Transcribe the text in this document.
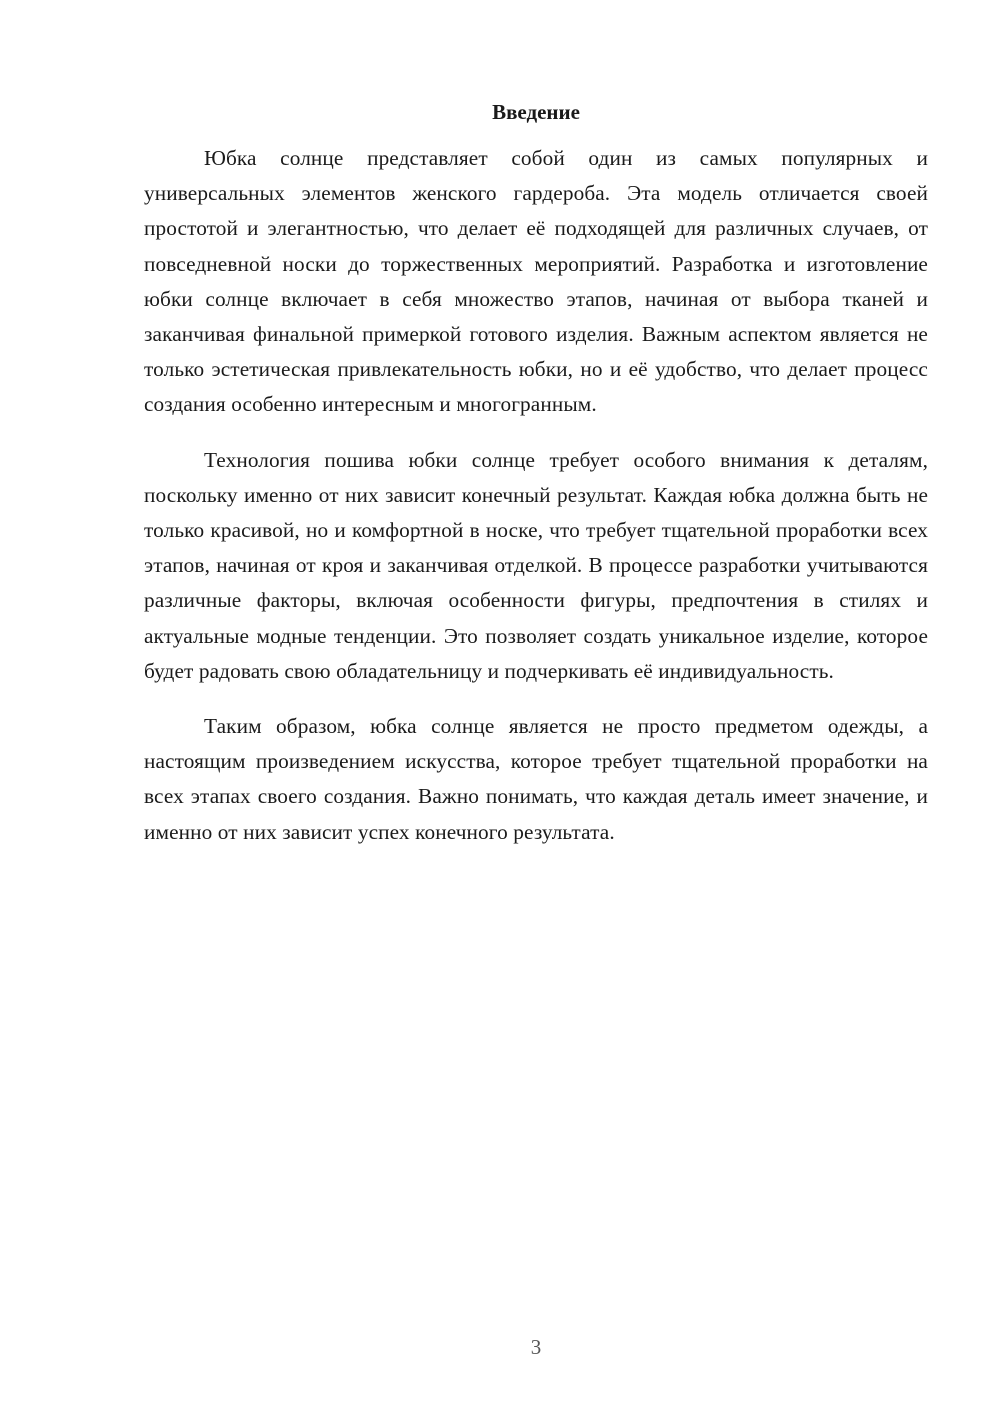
Введение

Юбка солнце представляет собой один из самых популярных и универсальных элементов женского гардероба. Эта модель отличается своей простотой и элегантностью, что делает её подходящей для различных случаев, от повседневной носки до торжественных мероприятий. Разработка и изготовление юбки солнце включает в себя множество этапов, начиная от выбора тканей и заканчивая финальной примеркой готового изделия. Важным аспектом является не только эстетическая привлекательность юбки, но и её удобство, что делает процесс создания особенно интересным и многогранным.

Технология пошива юбки солнце требует особого внимания к деталям, поскольку именно от них зависит конечный результат. Каждая юбка должна быть не только красивой, но и комфортной в носке, что требует тщательной проработки всех этапов, начиная от кроя и заканчивая отделкой. В процессе разработки учитываются различные факторы, включая особенности фигуры, предпочтения в стилях и актуальные модные тенденции. Это позволяет создать уникальное изделие, которое будет радовать свою обладательницу и подчеркивать её индивидуальность.

Таким образом, юбка солнце является не просто предметом одежды, а настоящим произведением искусства, которое требует тщательной проработки на всех этапах своего создания. Важно понимать, что каждая деталь имеет значение, и именно от них зависит успех конечного результата.

3
